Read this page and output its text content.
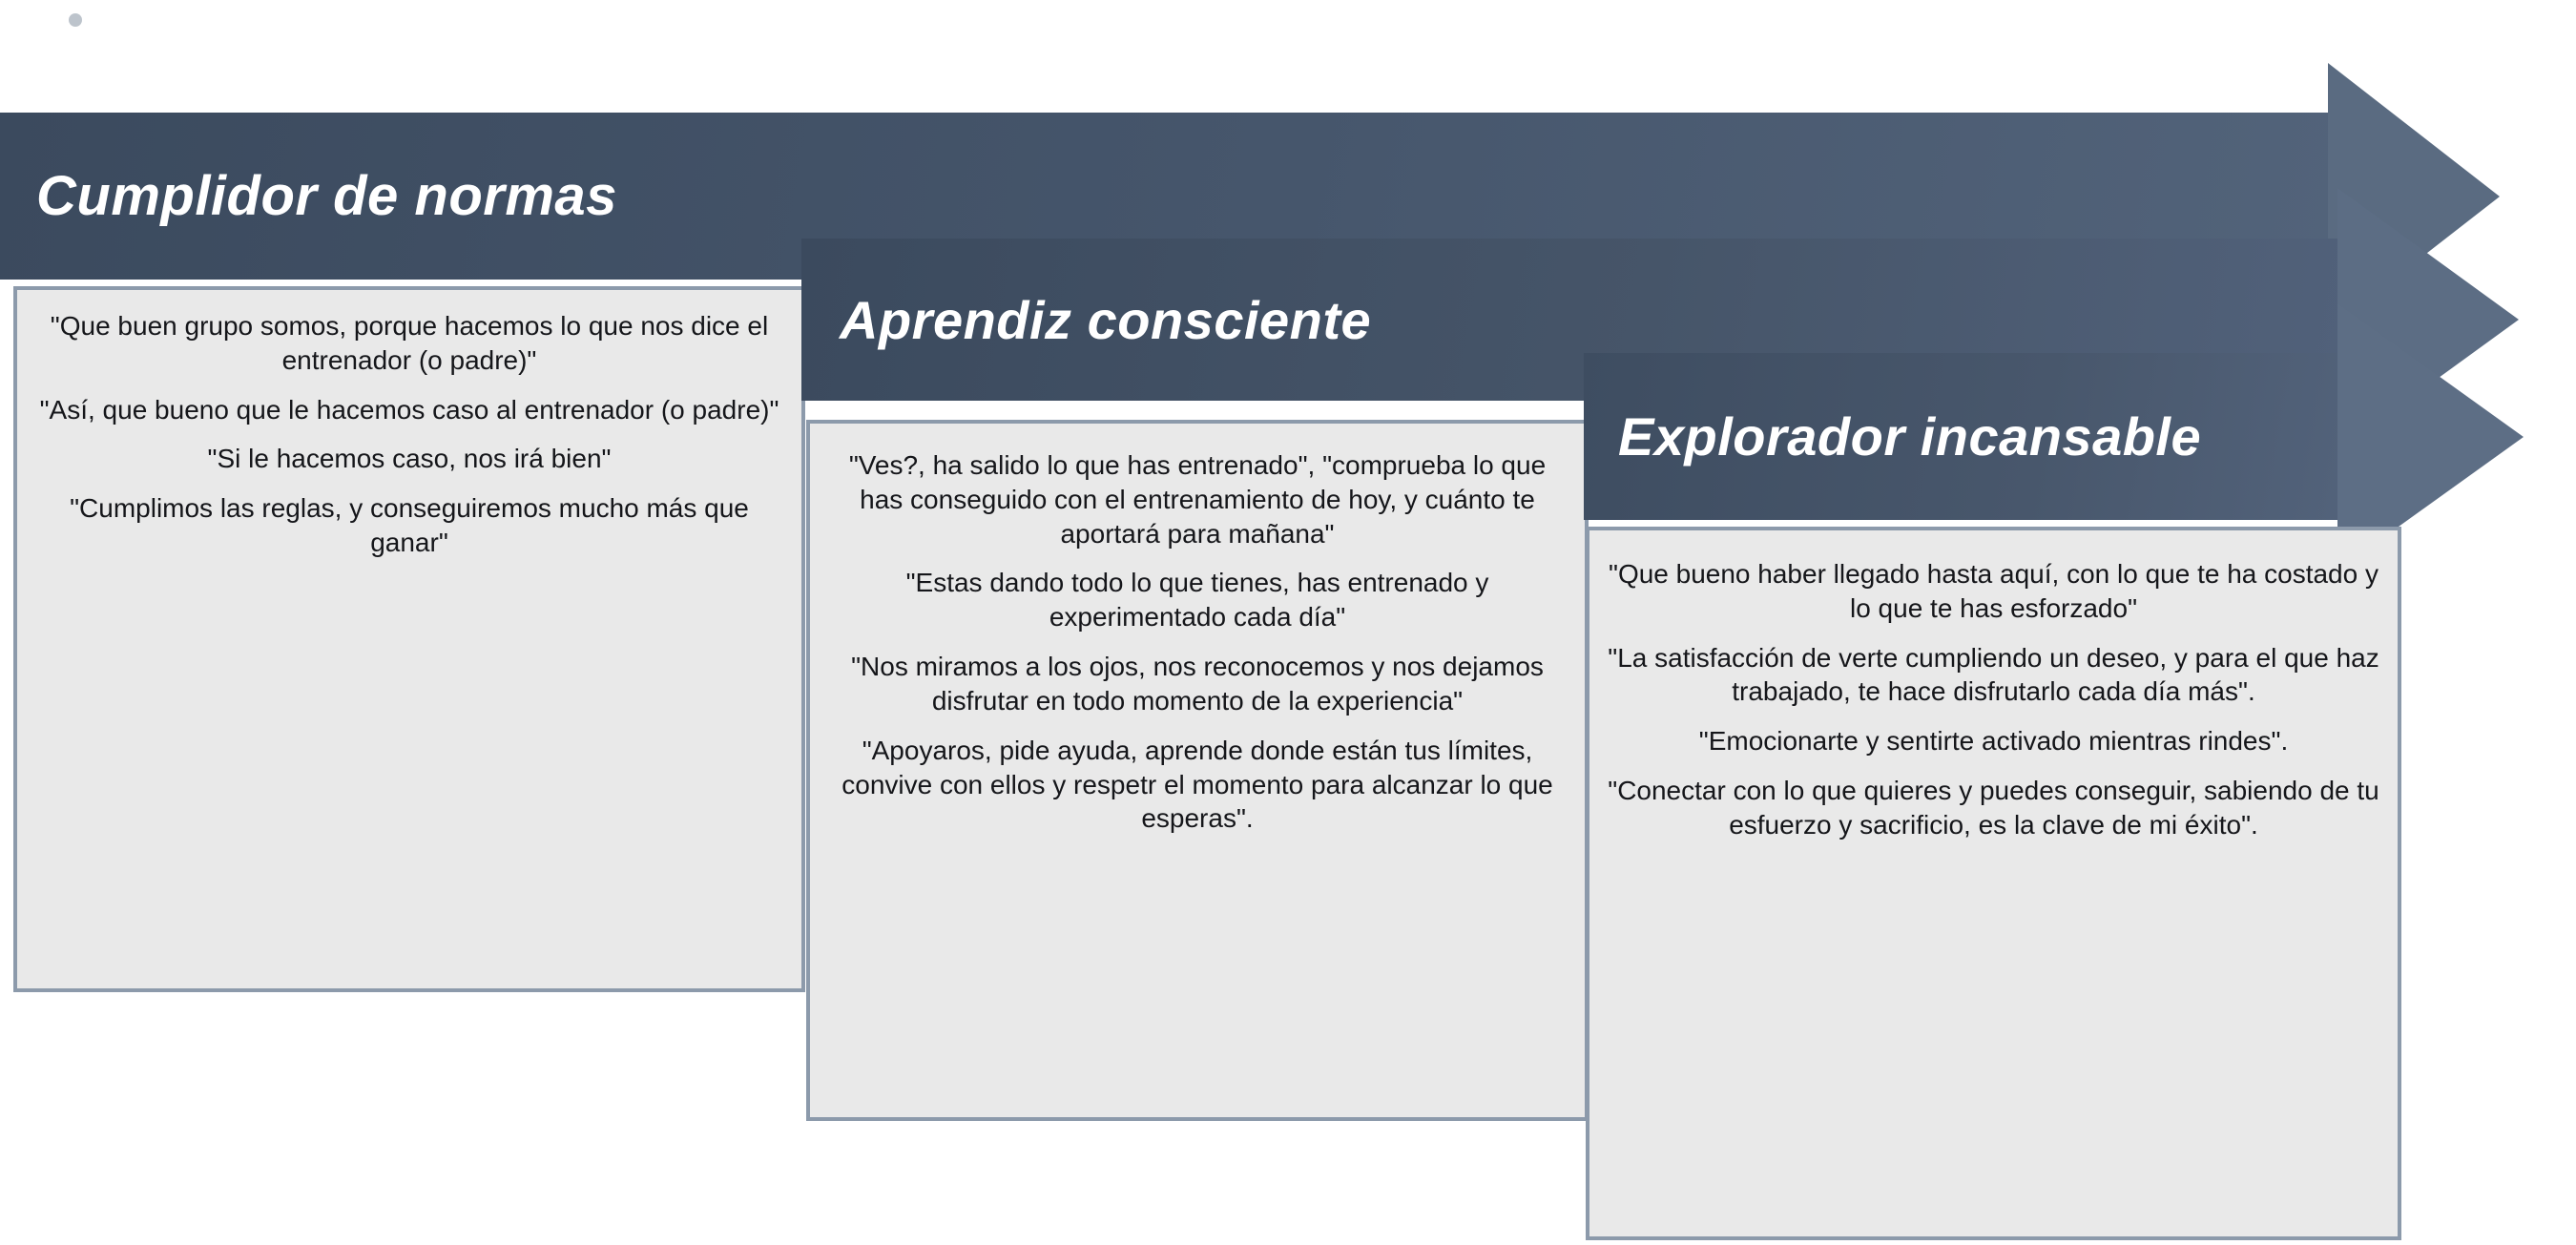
Cumplidor de normas

"Que buen grupo somos, porque hacemos lo que nos dice el entrenador (o padre)"

"Así, que bueno que le hacemos caso al entrenador (o padre)"

"Si le hacemos caso, nos irá bien"

"Cumplimos las reglas, y conseguiremos mucho más que ganar"

Aprendiz consciente

"Ves?, ha salido lo que has entrenado", "comprueba lo que has conseguido con el entrenamiento de hoy, y cuánto te aportará para mañana"

"Estas dando todo lo que tienes, has entrenado y experimentado cada día"

"Nos miramos a los ojos, nos reconocemos y nos dejamos disfrutar en todo momento de la experiencia"

"Apoyaros, pide ayuda, aprende donde están tus límites, convive con ellos y respetr el momento para alcanzar lo que esperas".

Explorador incansable

"Que bueno haber llegado hasta aquí, con lo que te ha costado y lo que te has esforzado"

"La satisfacción de verte cumpliendo un deseo, y para el que haz trabajado, te hace disfrutarlo cada día más".

"Emocionarte y sentirte activado mientras rindes".

"Conectar con lo que quieres y puedes conseguir, sabiendo de tu esfuerzo y sacrificio, es la clave de mi éxito".
